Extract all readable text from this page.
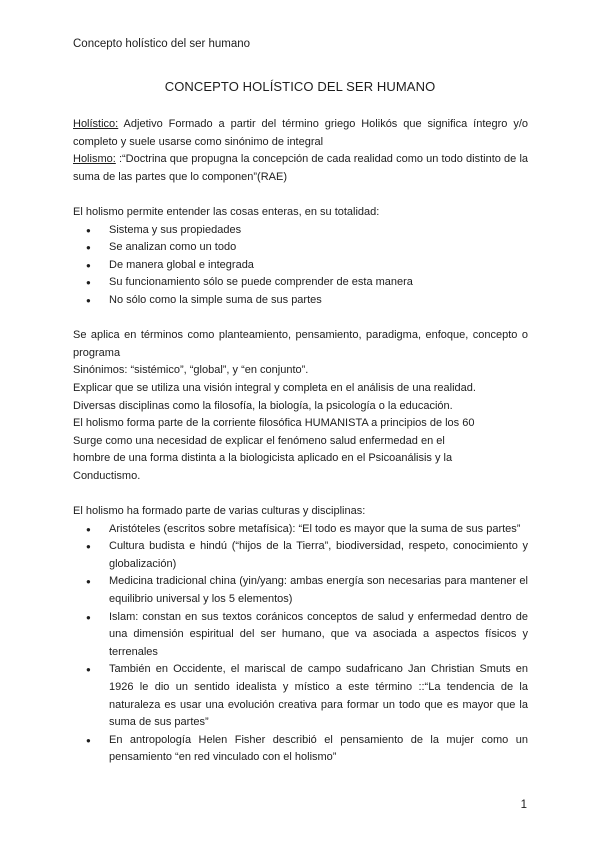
Concepto holístico del ser humano
CONCEPTO HOLÍSTICO DEL SER HUMANO

Holístico: Adjetivo Formado a partir del término griego Holikós que significa íntegro y/o completo y suele usarse como sinónimo de integral

Holismo: :“Doctrina que propugna la concepción de cada realidad como un todo distinto de la suma de las partes que lo componen”(RAE)

El holismo permite entender las cosas enteras, en su totalidad:

● Sistema y sus propiedades
● Se analizan como un todo
● De manera global e integrada
● Su funcionamiento sólo se puede comprender de esta manera
● No sólo como la simple suma de sus partes

Se aplica en términos como planteamiento, pensamiento, paradigma, enfoque, concepto o programa

Sinónimos: “sistémico”, “global”, y “en conjunto”.

Explicar que se utiliza una visión integral y completa en el análisis de una realidad.

Diversas disciplinas como la filosofía, la biología, la psicología o la educación.

El holismo forma parte de la corriente filosófica HUMANISTA a principios de los 60

Surge como una necesidad de explicar el fenómeno salud enfermedad en el

hombre de una forma distinta a la biologicista aplicado en el Psicoanálisis y la Conductismo.

El holismo ha formado parte de varias culturas y disciplinas:

● Aristóteles (escritos sobre metafísica): “El todo es mayor que la suma de sus partes”
● Cultura budista e hindú (“hijos de la Tierra”, biodiversidad, respeto, conocimiento y globalización)
● Medicina tradicional china (yin/yang: ambas energía son necesarias para mantener el equilibrio universal y los 5 elementos)
● Islam: constan en sus textos coránicos conceptos de salud y enfermedad dentro de una dimensión espiritual del ser humano, que va asociada a aspectos físicos y terrenales
● También en Occidente, el mariscal de campo sudafricano Jan Christian Smuts en 1926 le dio un sentido idealista y místico a este término ::“La tendencia de la naturaleza es usar una evolución creativa para formar un todo que es mayor que la suma de sus partes”
● En antropología Helen Fisher describió el pensamiento de la mujer como un pensamiento “en red vinculado con el holismo”
1
